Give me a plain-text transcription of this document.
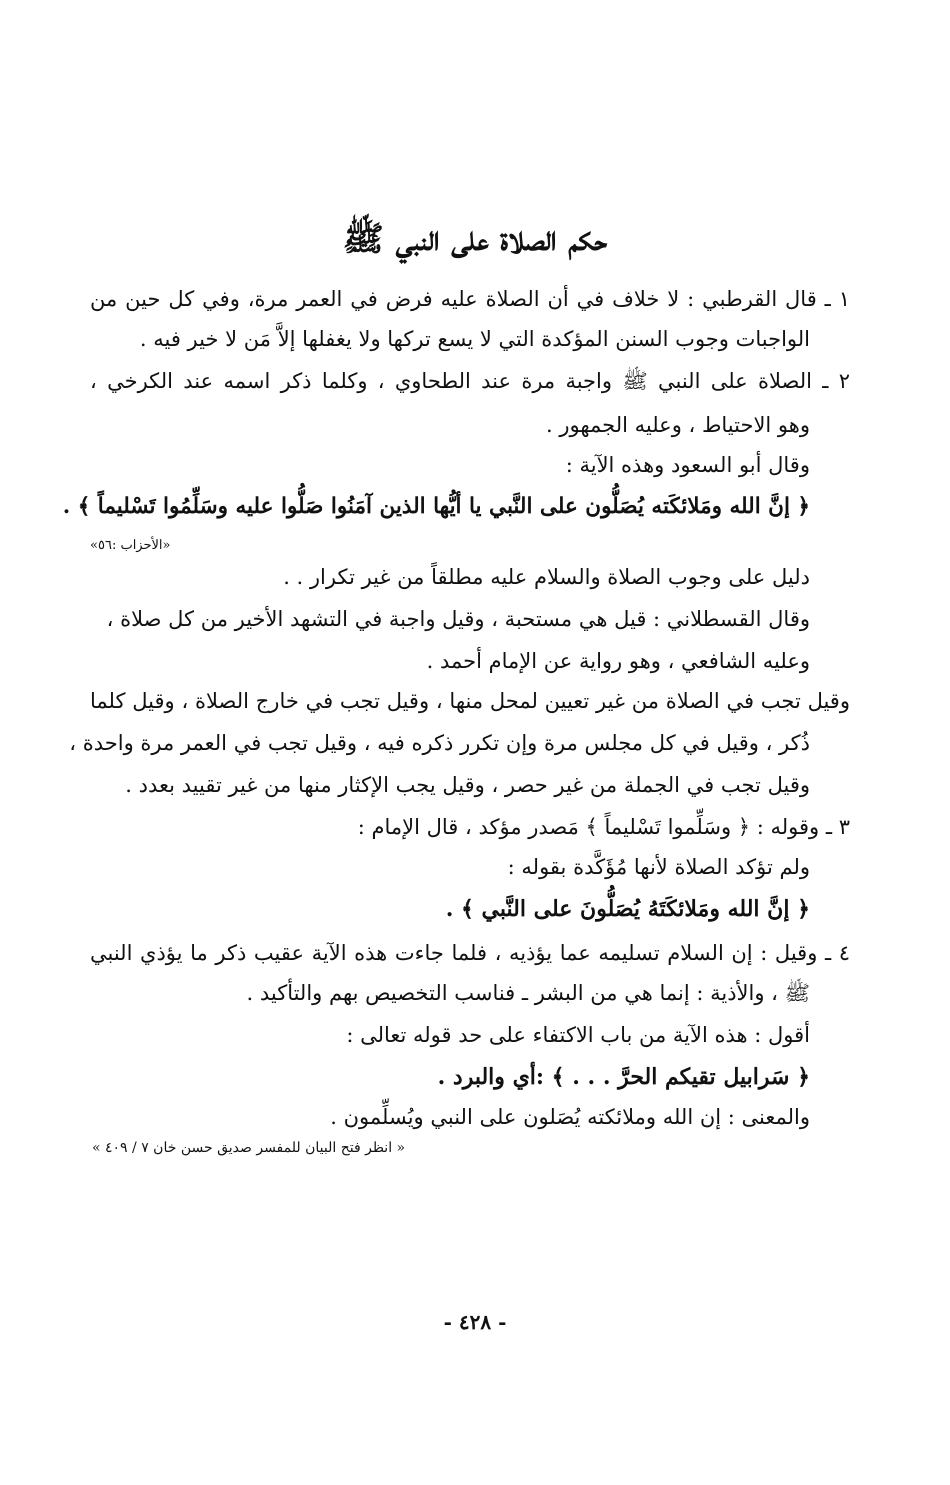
حكم الصلاة على النبي ﷺ
١ ـ قال القرطبي : لا خلاف في أن الصلاة عليه فرض في العمر مرة، وفي كل حين من
الواجبات وجوب السنن المؤكدة التي لا يسع تركها ولا يغفلها إلاَّ مَن لا خير فيه .
٢ ـ الصلاة على النبي ﷺ واجبة مرة عند الطحاوي ، وكلما ذكر اسمه عند الكرخي ،
وهو الاحتياط ، وعليه الجمهور .
وقال أبو السعود وهذه الآية :
﴿ إنَّ الله ومَلائكَته يُصَلُّون على النَّبي يا أيُّها الذين آمَنُوا صَلُّوا عليه وسَلِّمُوا تَسْليماً ﴾ .
«الأحزاب :٥٦»
دليل على وجوب الصلاة والسلام عليه مطلقاً من غير تكرار . .
وقال القسطلاني : قيل هي مستحبة ، وقيل واجبة في التشهد الأخير من كل صلاة ،
وعليه الشافعي ، وهو رواية عن الإمام أحمد .
وقيل تجب في الصلاة من غير تعيين لمحل منها ، وقيل تجب في خارج الصلاة ، وقيل كلما
ذُكر ، وقيل في كل مجلس مرة وإن تكرر ذكره فيه ، وقيل تجب في العمر مرة واحدة ،
وقيل تجب في الجملة من غير حصر ، وقيل يجب الإكثار منها من غير تقييد بعدد .
٣ ـ وقوله : ﴿ وسَلِّموا تَسْليماً ﴾ مَصدر مؤكد ، قال الإمام :
ولم تؤكد الصلاة لأنها مُؤَكَّدة بقوله :
﴿ إنَّ الله ومَلائكَتَهُ يُصَلُّونَ على النَّبي ﴾ .
٤ ـ وقيل : إن السلام تسليمه عما يؤذيه ، فلما جاءت هذه الآية عقيب ذكر ما يؤذي النبي
ﷺ ، والأذية : إنما هي من البشر ـ فناسب التخصيص بهم والتأكيد .
أقول : هذه الآية من باب الاكتفاء على حد قوله تعالى :
﴿ سَرابيل تقيكم الحرَّ . . . ﴾ :أي والبرد .
والمعنى : إن الله وملائكته يُصَلون على النبي ويُسلِّمون .
« انظر فتح البيان للمفسر صديق حسن خان ٧ / ٤٠٩ »
- ٤٢٨ -
